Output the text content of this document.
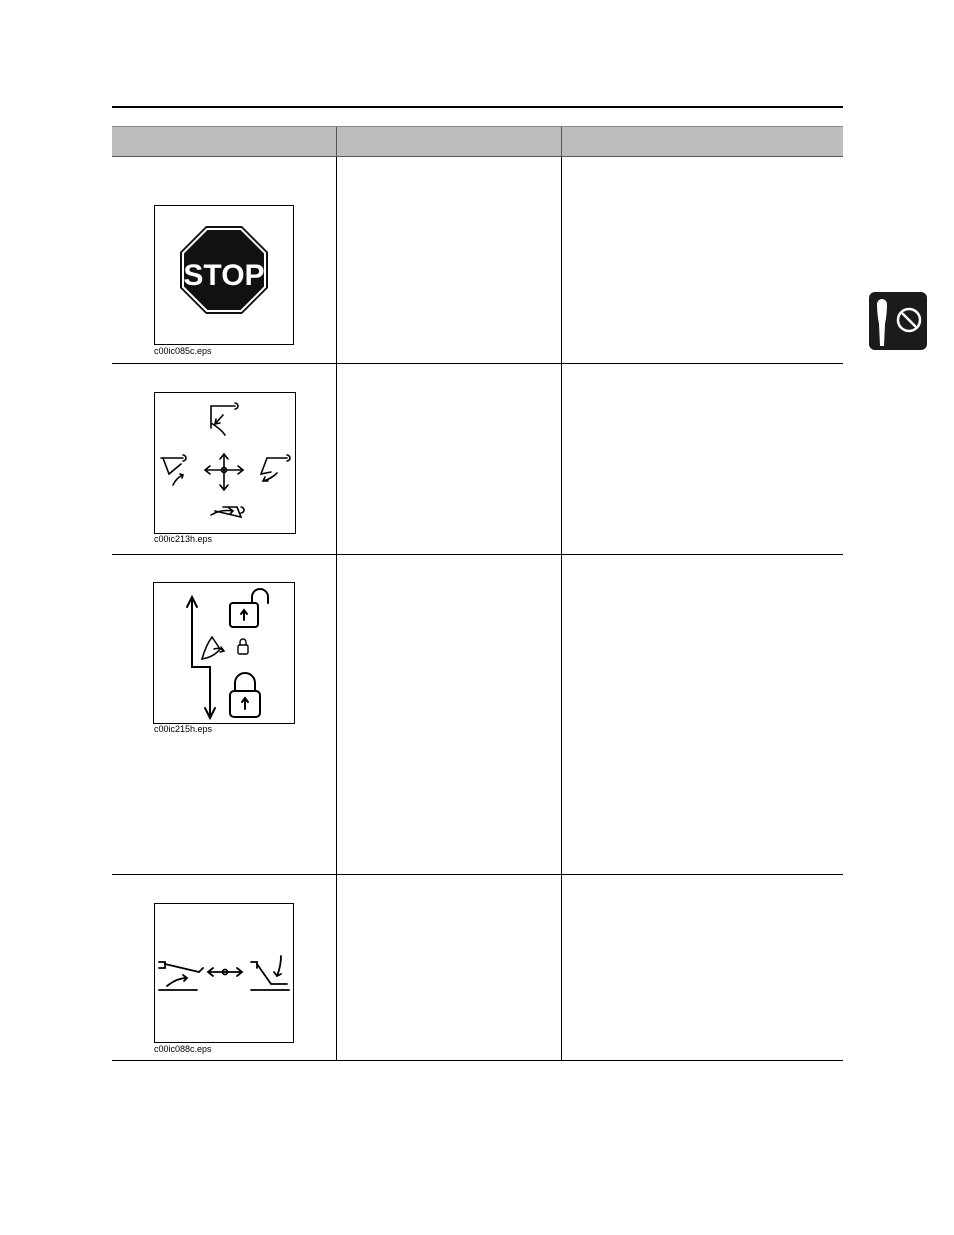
STOP
c00ic085c.eps		

c00ic213h.eps		

c00ic215h.eps		

c00ic088c.eps		
